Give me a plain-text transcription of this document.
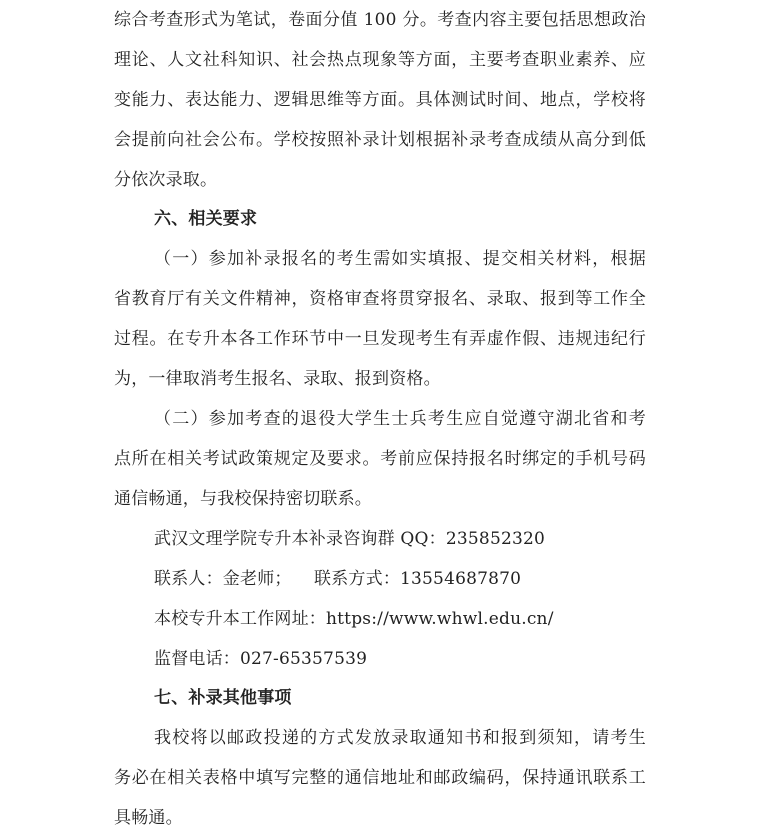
综合考查形式为笔试，卷面分值 100 分。考查内容主要包括思想政治
理论、人文社科知识、社会热点现象等方面，主要考查职业素养、应
变能力、表达能力、逻辑思维等方面。具体测试时间、地点，学校将
会提前向社会公布。学校按照补录计划根据补录考查成绩从高分到低
分依次录取。
六、相关要求
（一）参加补录报名的考生需如实填报、提交相关材料，根据
省教育厅有关文件精神，资格审查将贯穿报名、录取、报到等工作全
过程。在专升本各工作环节中一旦发现考生有弄虚作假、违规违纪行
为，一律取消考生报名、录取、报到资格。
（二）参加考查的退役大学生士兵考生应自觉遵守湖北省和考
点所在相关考试政策规定及要求。考前应保持报名时绑定的手机号码
通信畅通，与我校保持密切联系。
武汉文理学院专升本补录咨询群 QQ：235852320
联系人：金老师；    联系方式：13554687870
本校专升本工作网址：https://www.whwl.edu.cn/
监督电话：027-65357539
七、补录其他事项
我校将以邮政投递的方式发放录取通知书和报到须知，请考生
务必在相关表格中填写完整的通信地址和邮政编码，保持通讯联系工
具畅通。
